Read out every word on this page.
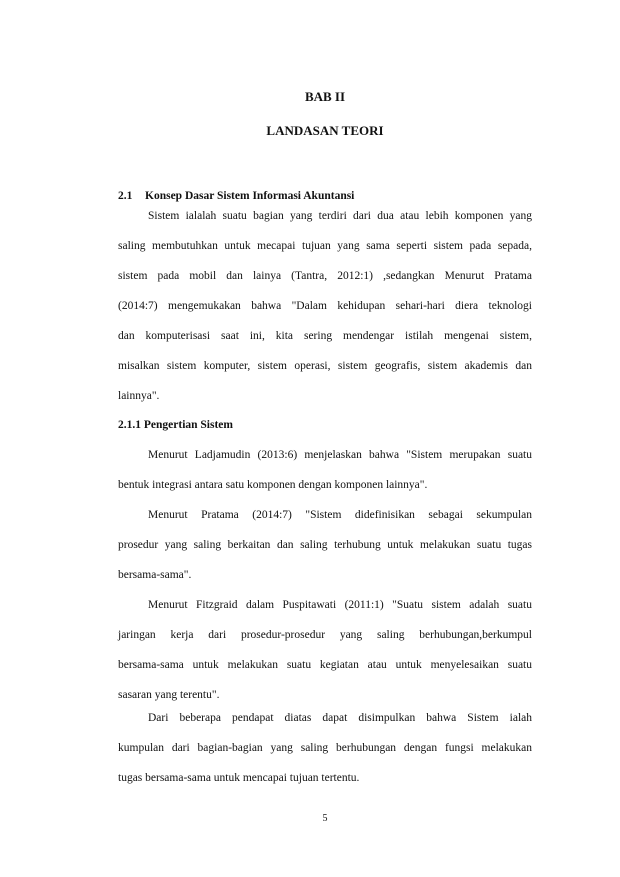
BAB II
LANDASAN TEORI
2.1 Konsep Dasar Sistem Informasi Akuntansi
Sistem ialalah suatu bagian yang terdiri dari dua atau lebih komponen yang
saling membutuhkan untuk mecapai tujuan yang sama seperti sistem pada sepada,
sistem pada mobil dan lainya (Tantra, 2012:1) ,sedangkan Menurut Pratama
(2014:7) mengemukakan bahwa "Dalam kehidupan sehari-hari diera teknologi
dan komputerisasi saat ini, kita sering mendengar istilah mengenai sistem,
misalkan sistem komputer, sistem operasi, sistem geografis, sistem akademis dan
lainnya".
2.1.1 Pengertian Sistem
Menurut Ladjamudin (2013:6) menjelaskan bahwa "Sistem merupakan suatu
bentuk integrasi antara satu komponen dengan komponen lainnya".
Menurut Pratama (2014:7) "Sistem didefinisikan sebagai sekumpulan
prosedur yang saling berkaitan dan saling terhubung untuk melakukan suatu tugas
bersama-sama".
Menurut Fitzgraid dalam Puspitawati (2011:1) "Suatu sistem adalah suatu
jaringan kerja dari prosedur-prosedur yang saling berhubungan,berkumpul
bersama-sama untuk melakukan suatu kegiatan atau untuk menyelesaikan suatu
sasaran yang terentu".
Dari beberapa pendapat diatas dapat disimpulkan bahwa Sistem ialah
kumpulan dari bagian-bagian yang saling berhubungan dengan fungsi melakukan
tugas bersama-sama untuk mencapai tujuan tertentu.
5
